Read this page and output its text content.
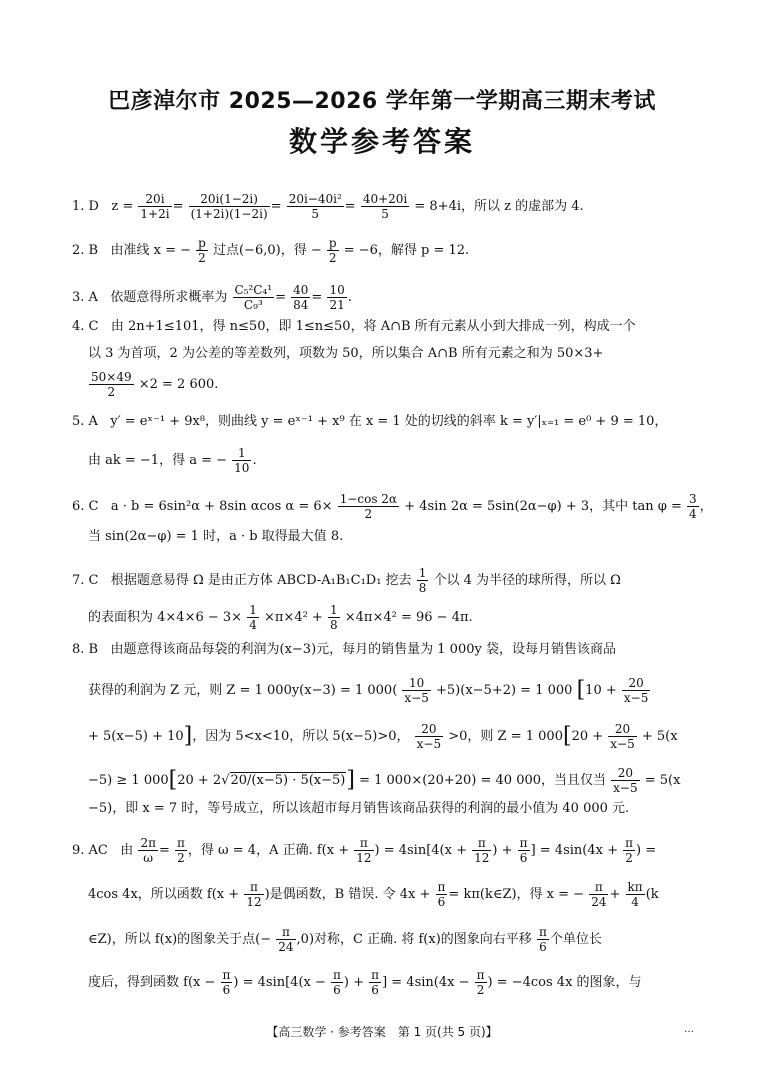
巴彦淖尔市 2025—2026 学年第一学期高三期末考试
数学参考答案
1. D $z = \frac{20i}{1+2i} = \frac{20i(1-2i)}{(1+2i)(1-2i)} = \frac{\text{20i−40i²}}{5} = \frac{40+20i}{5} = 8+4i$，所以 z 的虚部为 4.
2. B 由准线 x = − $\frac{p}{2}$ 过点(−6,0)，得 − $\frac{p}{2} = -6$，解得 p = 12.
3. A 依题意得所求概率为 $\frac{\text{C₅²C₄¹}}{\text{C₉³}} = \frac{40}{84} = \frac{10}{21}$ .
4. C 由 2n+1≤101，得 n≤50，即 1≤n≤50，将 A∩B 所有元素从小到大排成一列，构成一个
以 3 为首项，2 为公差的等差数列，项数为 50，所以集合 A∩B 所有元素之和为 50×3+
$\frac{50\times 49}{2} \times 2 = 2$ 600.
5. A y′ = eˣ⁻¹ + 9x⁸，则曲线 y = eˣ⁻¹ + x⁹ 在 x = 1 处的切线的斜率 k = y′|ₓ₌₁ = e⁰ + 9 = 10，
由 ak = −1，得 a = − $\frac{1}{10}$ .
6. C a · b = 6sin²α + 8sin αcos $\alpha = 6\times \frac{1-\cos 2\alpha}{2} + 4\sin$ 2α = 5sin(2α−φ) + 3，其中 $\tan \varphi = \frac{3}{4}$ ，
当 sin(2α−φ) = 1 时，a · b 取得最大值 8.
7. C 根据题意易得 Ω 是由正方体 ABCD-A₁B₁C₁D₁ 挖去 $\frac{1}{8}$ 个以 4 为半径的球所得，所以 Ω
的表面积为 $4\times 4\times 6 - 3\times \frac{1}{4} \times\pi\times 4^2 + \frac{1}{8} \times 4\pi\times 4^2 = 96 - 4\pi$.
8. B 由题意得该商品每袋的利润为(x−3)元，每月的销售量为 1 000y 袋，设每月销售该商品
获得的利润为 Z 元，则 Z = 1 000y(x−3) = 1 $000( \frac{10}{x-5} +5)(x-5+2) = 1$ 000 [$10 + \frac{20}{x-5}$
+ 5(x−5) + 10]，因为 5<x<10，所以 5(x−5)>0， $\frac{20}{x-5} >0$，则 Z = 1 $000[20 + \frac{20}{x-5} + 5(x$
−5) ≥ 1 000[20 + 2√20/(x−5) · 5(x−5)] = 1 000×(20+20) = 40 000，当且仅当 $\frac{20}{x-5} = 5(x$
−5)，即 x = 7 时，等号成立，所以该超市每月销售该商品获得的利润的最小值为 40 000 元.
9. AC 由 $\frac{2\pi}{\omega} = \frac{\pi}{2}$ ，得 ω = 4，A 正确. $f(x + \frac{\pi}{12}$ ) = $4\sin[4(x + \frac{\pi}{12}$ ) + $\frac{\pi}{6}$ ] = $4\sin(4x + \frac{\pi}{2}$ ) =
4cos 4x，所以函数 $f(x + \frac{\pi}{12}$ )是偶函数，B 错误. 令 $4x + \frac{\pi}{6}$ = kπ(k∈Z)，得 x = − $\frac{\pi}{24} + \frac{k\pi}{4} (k$
∈Z)，所以 f(x)的图象关于点(− $\frac{\pi}{24} ,0$)对称，C 正确. 将 f(x)的图象向右平移 $\frac{\pi}{6}$ 个单位长
度后，得到函数 $f(x - \frac{\pi}{6}$ ) = $4\sin[4(x - \frac{\pi}{6}$ ) + $\frac{\pi}{6}$ ] = $4\sin(4x - \frac{\pi}{2}$ ) = −4cos 4x 的图象，与
【高三数学 · 参考答案　第 1 页(共 5 页)】	…
